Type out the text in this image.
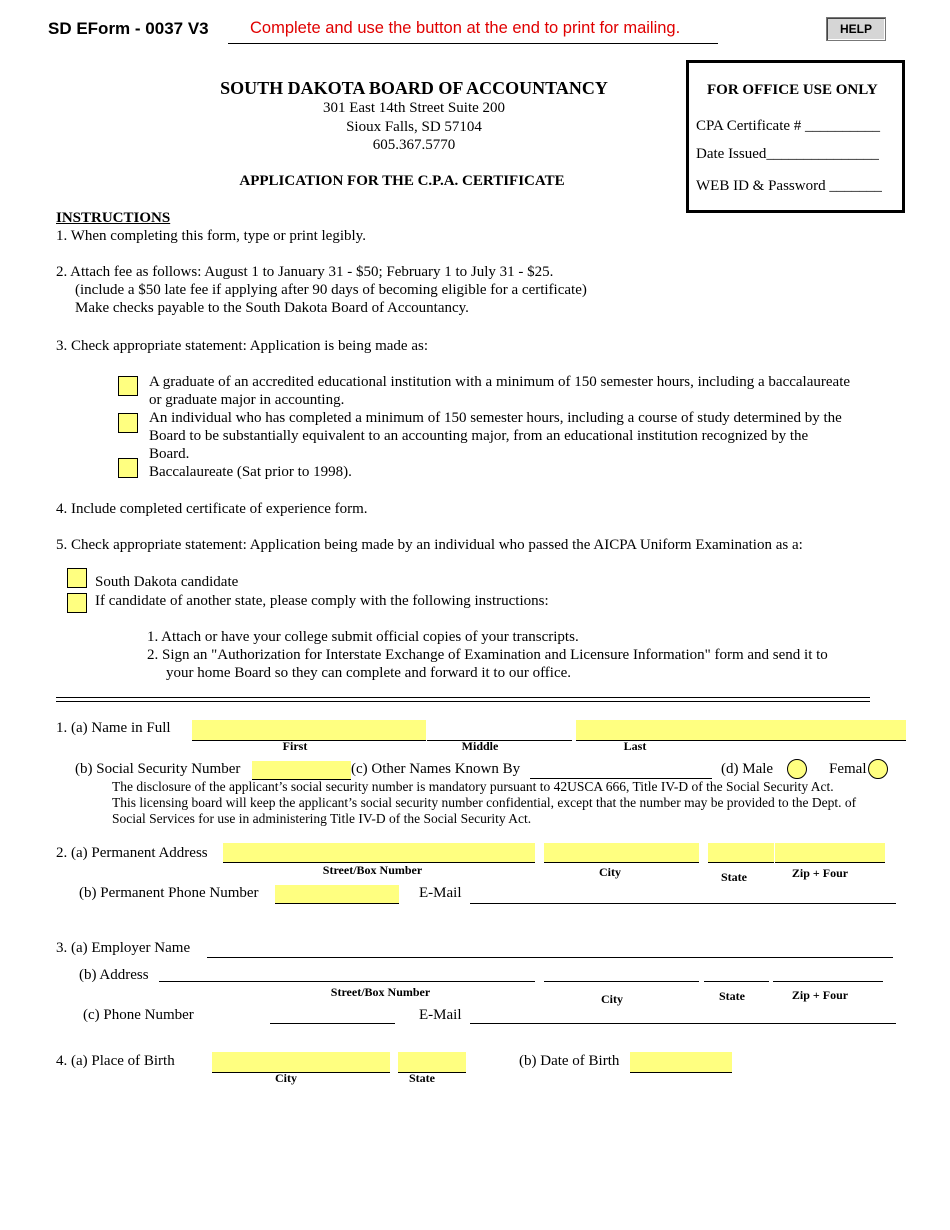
SD EForm - 0037 V3	Complete and use the button at the end to print for mailing.	HELP
FOR OFFICE USE ONLY
CPA Certificate # __________
Date Issued_______________
WEB ID & Password _______
SOUTH DAKOTA BOARD OF ACCOUNTANCY
301 East 14th Street Suite 200
Sioux Falls, SD 57104
605.367.5770
APPLICATION FOR THE C.P.A. CERTIFICATE
INSTRUCTIONS
1. When completing this form, type or print legibly.
2. Attach fee as follows: August 1 to January 31 - $50; February 1 to July 31 - $25.
(include a $50 late fee if applying after 90 days of becoming eligible for a certificate)
Make checks payable to the South Dakota Board of Accountancy.
3. Check appropriate statement: Application is being made as:
A graduate of an accredited educational institution with a minimum of 150 semester hours, including a baccalaureate
or graduate major in accounting.
An individual who has completed a minimum of 150 semester hours, including a course of study determined by the
Board to be substantially equivalent to an accounting major, from an educational institution recognized by the
Board.
Baccalaureate (Sat prior to 1998).
4. Include completed certificate of experience form.
5. Check appropriate statement: Application being made by an individual who passed the AICPA Uniform Examination as a:
South Dakota candidate
If candidate of another state, please comply with the following instructions:
1. Attach or have your college submit official copies of your transcripts.
2. Sign an "Authorization for Interstate Exchange of Examination and Licensure Information" form and send it to
your home Board so they can complete and forward it to our office.
1. (a) Name in Full
First	Middle	Last
(b) Social Security Number	(c) Other Names Known By	(d) Male	Femal
The disclosure of the applicant’s social security number is mandatory pursuant to 42USCA 666, Title IV-D of the Social Security Act.
This licensing board will keep the applicant’s social security number confidential, except that the number may be provided to the Dept. of
Social Services for use in administering Title IV-D of the Social Security Act.
2. (a) Permanent Address
Street/Box Number	City	State	Zip + Four
(b) Permanent Phone Number	E-Mail
3. (a) Employer Name
(b) Address
Street/Box Number	City	State	Zip + Four
(c) Phone Number	E-Mail
4. (a) Place of Birth
City	State
(b) Date of Birth
